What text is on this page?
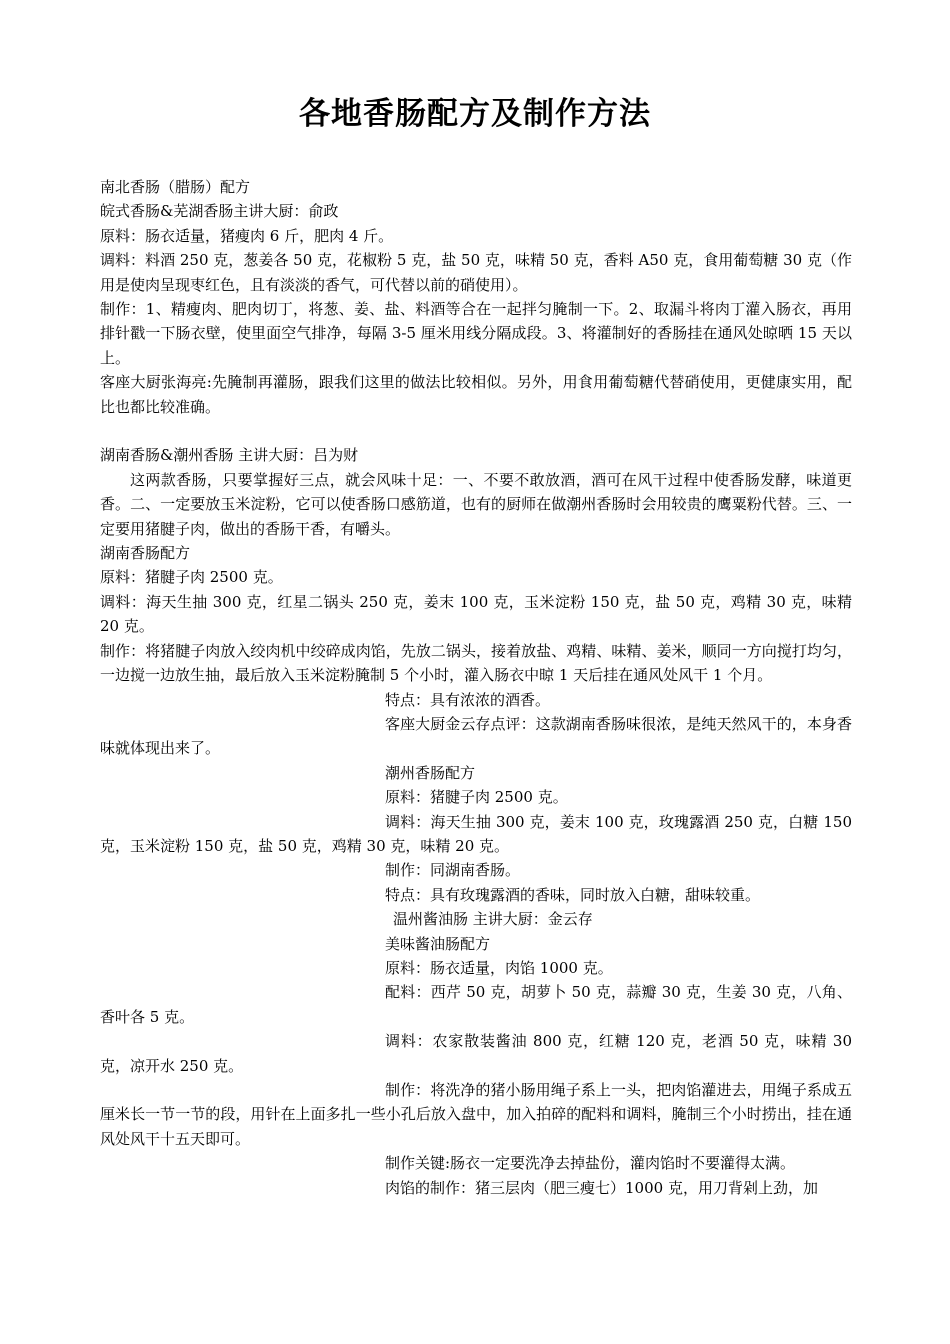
各地香肠配方及制作方法

南北香肠（腊肠）配方

皖式香肠&芜湖香肠主讲大厨：俞政

原料：肠衣适量，猪瘦肉 6 斤，肥肉 4 斤。

调料：料酒 250 克，葱姜各 50 克，花椒粉 5 克，盐 50 克，味精 50 克，香料 A50 克，食用葡萄糖 30 克（作用是使肉呈现枣红色，且有淡淡的香气，可代替以前的硝使用）。

制作：1、精瘦肉、肥肉切丁，将葱、姜、盐、料酒等合在一起拌匀腌制一下。2、取漏斗将肉丁灌入肠衣，再用排针戳一下肠衣壁，使里面空气排净，每隔 3-5 厘米用线分隔成段。3、将灌制好的香肠挂在通风处晾晒 15 天以上。

客座大厨张海亮:先腌制再灌肠，跟我们这里的做法比较相似。另外，用食用葡萄糖代替硝使用，更健康实用，配比也都比较准确。

湖南香肠&潮州香肠 主讲大厨：吕为财

这两款香肠，只要掌握好三点，就会风味十足：一、不要不敢放酒，酒可在风干过程中使香肠发酵，味道更香。二、一定要放玉米淀粉，它可以使香肠口感筋道，也有的厨师在做潮州香肠时会用较贵的鹰粟粉代替。三、一定要用猪腱子肉，做出的香肠干香，有嚼头。

湖南香肠配方

原料：猪腱子肉 2500 克。

调料：海天生抽 300 克，红星二锅头 250 克，姜末 100 克，玉米淀粉 150 克，盐 50 克，鸡精 30 克，味精 20 克。

制作：将猪腱子肉放入绞肉机中绞碎成肉馅，先放二锅头，接着放盐、鸡精、味精、姜米，顺同一方向搅打均匀，一边搅一边放生抽，最后放入玉米淀粉腌制 5 个小时，灌入肠衣中晾 1 天后挂在通风处风干 1 个月。

特点：具有浓浓的酒香。

客座大厨金云存点评：这款湖南香肠味很浓，是纯天然风干的，本身香味就体现出来了。

潮州香肠配方

原料：猪腱子肉 2500 克。

调料：海天生抽 300 克，姜末 100 克，玫瑰露酒 250 克，白糖 150 克，玉米淀粉 150 克，盐 50 克，鸡精 30 克，味精 20 克。

制作：同湖南香肠。

特点：具有玫瑰露酒的香味，同时放入白糖，甜味较重。

温州酱油肠 主讲大厨：金云存

美味酱油肠配方

原料：肠衣适量，肉馅 1000 克。

配料：西芹 50 克，胡萝卜 50 克，蒜瓣 30 克，生姜 30 克，八角、香叶各 5 克。

调料：农家散装酱油 800 克，红糖 120 克，老酒 50 克，味精 30 克，凉开水 250 克。

制作：将洗净的猪小肠用绳子系上一头，把肉馅灌进去，用绳子系成五厘米长一节一节的段，用针在上面多扎一些小孔后放入盘中，加入拍碎的配料和调料，腌制三个小时捞出，挂在通风处风干十五天即可。

制作关键:肠衣一定要洗净去掉盐份，灌肉馅时不要灌得太满。

肉馅的制作：猪三层肉（肥三瘦七）1000 克，用刀背剁上劲，加
